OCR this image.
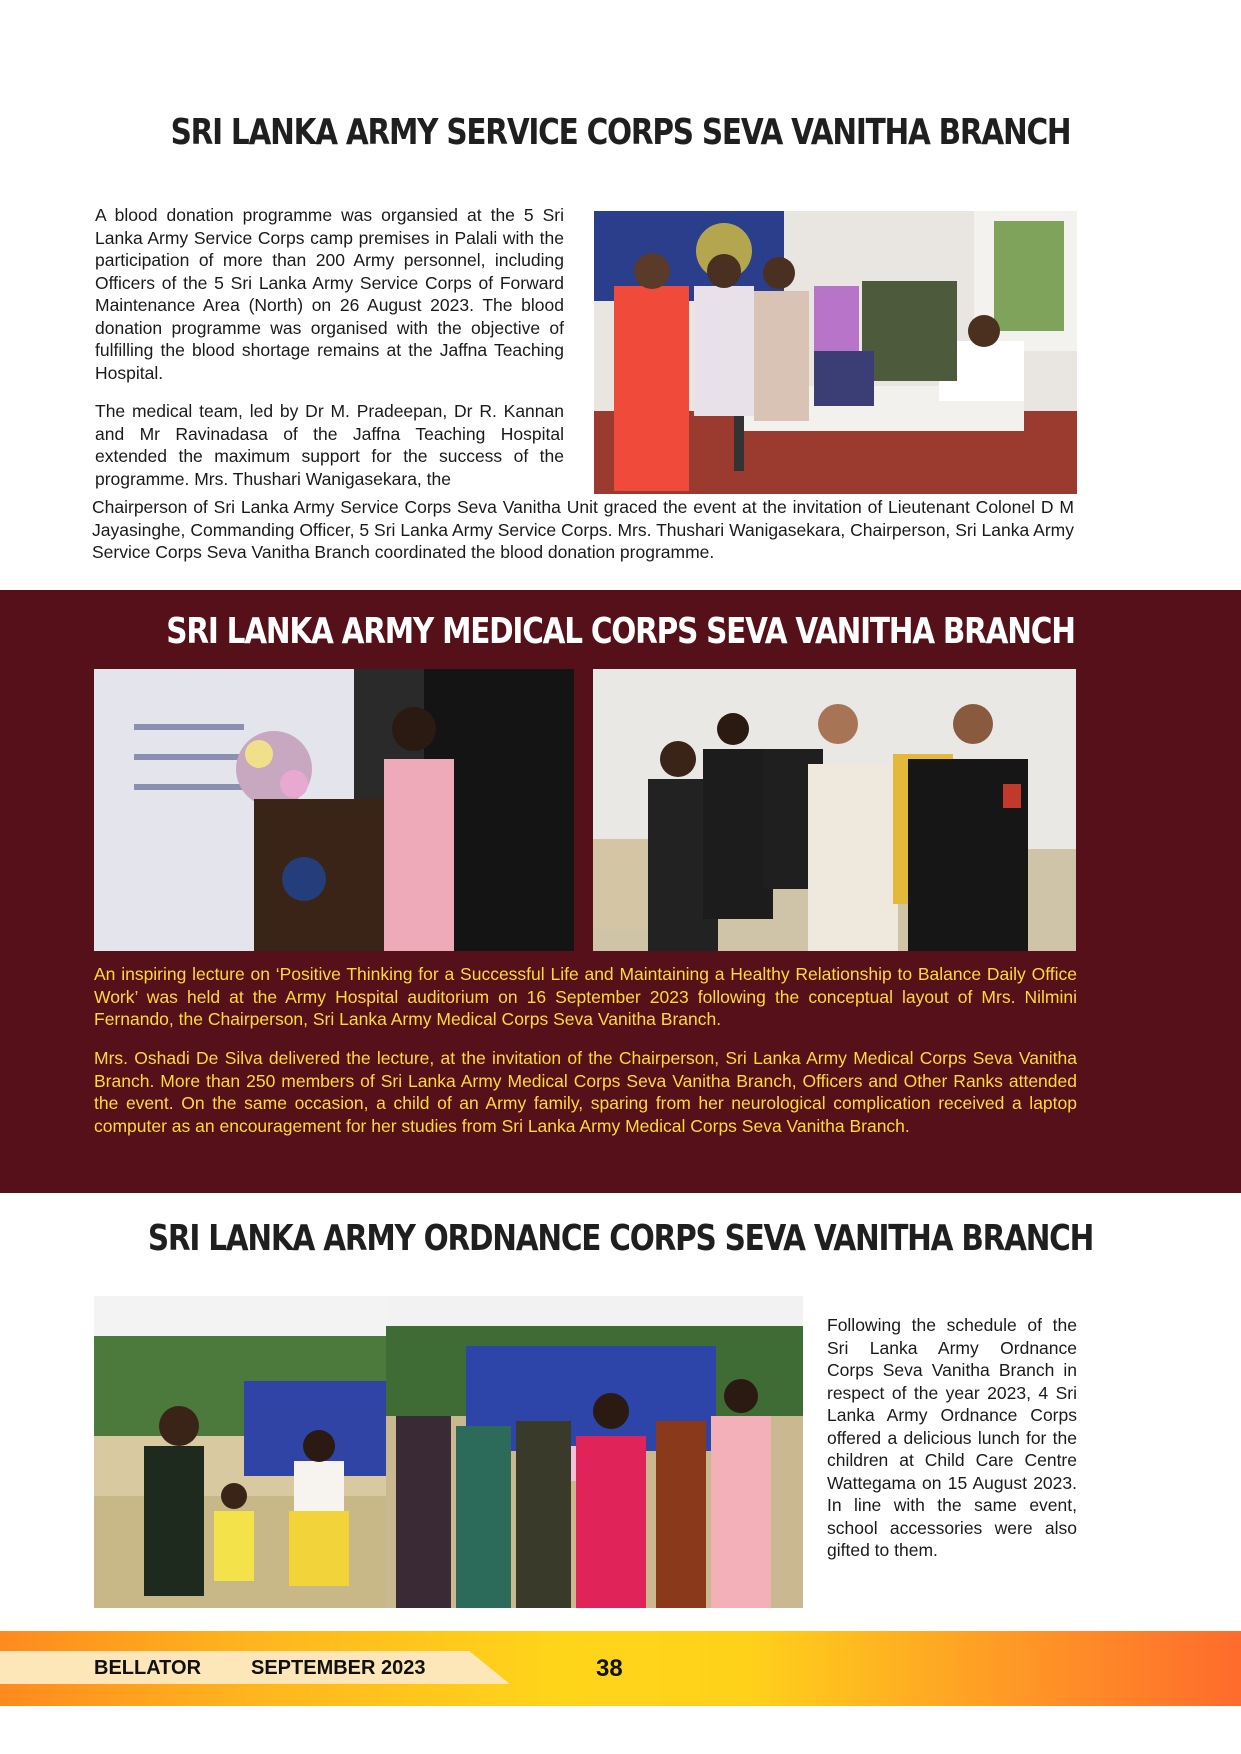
SRI LANKA ARMY SERVICE CORPS SEVA VANITHA BRANCH

A blood donation programme was organsied at the 5 Sri Lanka Army Service Corps camp premises in Palali with the participation of more than 200 Army personnel, including Officers of the 5 Sri Lanka Army Service Corps of Forward Maintenance Area (North) on 26 August 2023. The blood donation programme was organised with the objective of fulfilling the blood shortage remains at the Jaffna Teaching Hospital.

The medical team, led by Dr M. Pradeepan, Dr R. Kannan and Mr Ravinadasa of the Jaffna Teaching Hospital extended the maximum support for the success of the programme. Mrs. Thushari Wanigasekara, the

Chairperson of Sri Lanka Army Service Corps Seva Vanitha Unit graced the event at the invitation of Lieutenant Colonel D M Jayasinghe, Commanding Officer, 5 Sri Lanka Army Service Corps. Mrs. Thushari Wanigasekara, Chairperson, Sri Lanka Army Service Corps Seva Vanitha Branch coordinated the blood donation programme.

SRI LANKA ARMY MEDICAL CORPS SEVA VANITHA BRANCH

An inspiring lecture on ‘Positive Thinking for a Successful Life and Maintaining a Healthy Relationship to Balance Daily Office Work’ was held at the Army Hospital auditorium on 16 September 2023 following the conceptual layout of Mrs. Nilmini Fernando, the Chairperson, Sri Lanka Army Medical Corps Seva Vanitha Branch.

Mrs. Oshadi De Silva delivered the lecture, at the invitation of the Chairperson, Sri Lanka Army Medical Corps Seva Vanitha Branch. More than 250 members of Sri Lanka Army Medical Corps Seva Vanitha Branch, Officers and Other Ranks attended the event. On the same occasion, a child of an Army family, sparing from her neurological complication received a laptop computer as an encouragement for her studies from Sri Lanka Army Medical Corps Seva Vanitha Branch.

SRI LANKA ARMY ORDNANCE CORPS SEVA VANITHA BRANCH

Following the schedule of the Sri Lanka Army Ordnance Corps Seva Vanitha Branch in respect of the year 2023, 4 Sri Lanka Army Ordnance Corps offered a delicious lunch for the children at Child Care Centre Wattegama on 15 August 2023. In line with the same event, school accessories were also gifted to them.

BELLATOR SEPTEMBER 2023	38
